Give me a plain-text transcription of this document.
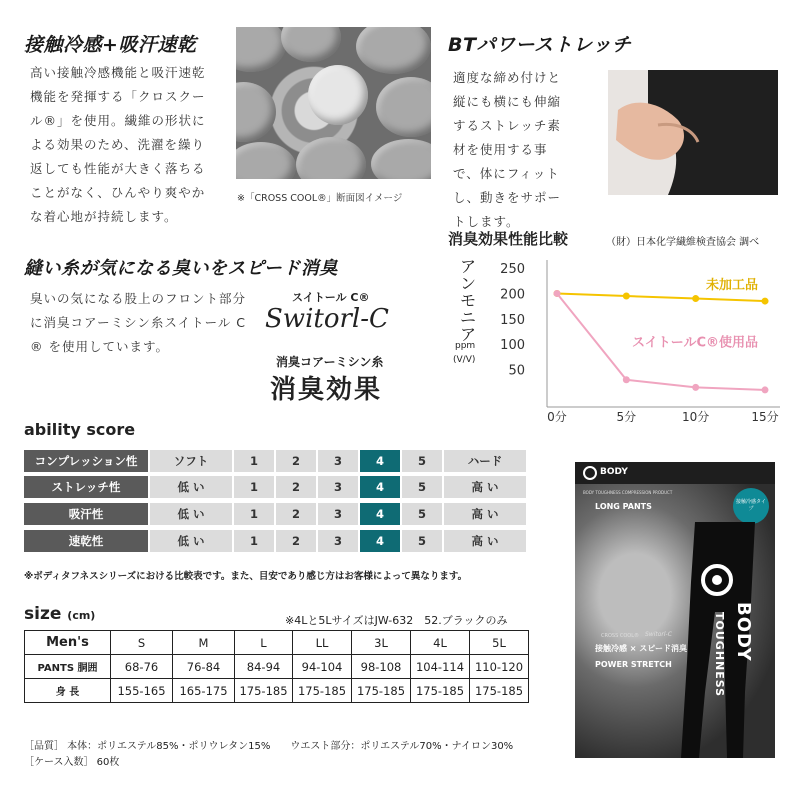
接触冷感+吸汗速乾
高い接触冷感機能と吸汗速乾機能を発揮する「クロスクール®」を使用。繊維の形状による効果のため、洗濯を繰り返しても性能が大きく落ちることがなく、ひんやり爽やかな着心地が持続します。
※「CROSS COOL®」断面図イメージ
BTパワーストレッチ
適度な締め付けと縦にも横にも伸縮するストレッチ素材を使用する事で、体にフィットし、動きをサポートします。
縫い糸が気になる臭いをスピード消臭
臭いの気になる股上のフロント部分に消臭コアーミシン糸スイトール C ® を使用しています。
スイトール C®
Switorl-C
消臭コアーミシン糸
消臭効果
消臭効果性能比較	（財）日本化学繊維検査協会 調べ
ア
ン
モ
ニ
ア
ppm
(V/V)
50
100
150
200
250
0分	5分	10分	15分
未加工品
スイトールC®使用品
ability score
コンプレッション性	ソフト	1	2	3	4	5	ハード
ストレッチ性	低 い	1	2	3	4	5	高 い
吸汗性	低 い	1	2	3	4	5	高 い
速乾性	低 い	1	2	3	4	5	高 い
※ボディタフネスシリーズにおける比較表です。また、目安であり感じ方はお客様によって異なります。
size (cm)	※4Lと5LサイズはJW-632　52.ブラックのみ
Men's	S	M	L	LL	3L	4L	5L
PANTS 胴囲	68-76	76-84	84-94	94-104	98-108	104-114	110-120
身 長	155-165	165-175	175-185	175-185	175-185	175-185	175-185
［品質］ 本体：ポリエステル85%・ポリウレタン15%　　ウエスト部分：ポリエステル70%・ナイロン30%
［ケース入数］ 60枚
BODY
BODY TOUGHNESS COMPRESSION PRODUCT
LONG PANTS	接触冷感タイプ
BODY
TOUGHNESS
CROSS COOL® Switorl-C
接触冷感 × スピード消臭
POWER STRETCH
